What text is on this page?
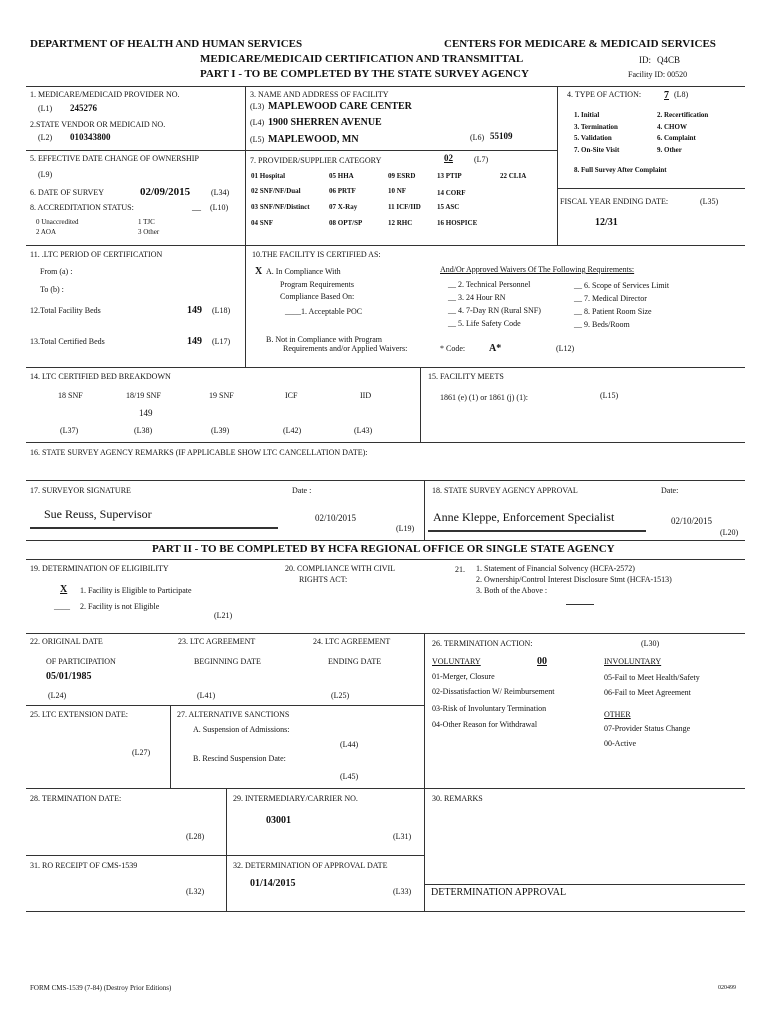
DEPARTMENT OF HEALTH AND HUMAN SERVICES	CENTERS FOR MEDICARE & MEDICAID SERVICES
MEDICARE/MEDICAID CERTIFICATION AND TRANSMITTAL
PART I - TO BE COMPLETED BY THE STATE SURVEY AGENCY
ID: Q4CB
Facility ID: 00520
1. MEDICARE/MEDICAID PROVIDER NO.
(L1) 245276
2.STATE VENDOR OR MEDICAID NO.
(L2) 010343800
3. NAME AND ADDRESS OF FACILITY
(L3) MAPLEWOOD CARE CENTER
(L4) 1900 SHERREN AVENUE
(L5) MAPLEWOOD, MN	(L6) 55109
4. TYPE OF ACTION: 7 (L8)
1. Initial	2. Recertification
3. Termination	4. CHOW
5. Validation	6. Complaint
7. On-Site Visit	9. Other
8. Full Survey After Complaint
5. EFFECTIVE DATE CHANGE OF OWNERSHIP
(L9)
7. PROVIDER/SUPPLIER CATEGORY	02	(L7)
01 Hospital	05 HHA	09 ESRD	13 PTIP	22 CLIA
02 SNF/NF/Dual	06 PRTF	10 NF	14 CORF
03 SNF/NF/Distinct	07 X-Ray	11 ICF/IID 15 ASC
04 SNF	08 OPT/SP	12 RHC	16 HOSPICE
6. DATE OF SURVEY	02/09/2015	(L34)
8. ACCREDITATION STATUS:	__ (L10)
0 Unaccredited	1 TJC
2 AOA	3 Other
FISCAL YEAR ENDING DATE:	(L35)
12/31
11. .LTC PERIOD OF CERTIFICATION
From (a) :
To (b) :
12.Total Facility Beds	149 (L18)
13.Total Certified Beds	149 (L17)
10.THE FACILITY IS CERTIFIED AS:
X A. In Compliance With
Program Requirements
Compliance Based On:
____1. Acceptable POC
B. Not in Compliance with Program
Requirements and/or Applied Waivers:	* Code: A*	(L12)
And/Or Approved Waivers Of The Following Requirements:
__ 2. Technical Personnel
__ 3. 24 Hour RN
__ 4. 7-Day RN (Rural SNF)
__ 5. Life Safety Code
__ 6. Scope of Services Limit
__ 7. Medical Director
__ 8. Patient Room Size
__ 9. Beds/Room
14. LTC CERTIFIED BED BREAKDOWN
18 SNF	18/19 SNF	19 SNF	ICF	IID
149
(L37)	(L38)	(L39)	(L42)	(L43)
15. FACILITY MEETS
1861 (e) (1) or 1861 (j) (1):	(L15)
16. STATE SURVEY AGENCY REMARKS (IF APPLICABLE SHOW LTC CANCELLATION DATE):
17. SURVEYOR SIGNATURE	Date :
Sue Reuss, Supervisor	02/10/2015
(L19)
18. STATE SURVEY AGENCY APPROVAL	Date:
Anne Kleppe, Enforcement Specialist	02/10/2015
(L20)
PART II - TO BE COMPLETED BY HCFA REGIONAL OFFICE OR SINGLE STATE AGENCY
19. DETERMINATION OF ELIGIBILITY
X 1. Facility is Eligible to Participate
____ 2. Facility is not Eligible
(L21)
20. COMPLIANCE WITH CIVIL
RIGHTS ACT:
21. 1. Statement of Financial Solvency (HCFA-2572)
2. Ownership/Control Interest Disclosure Stmt (HCFA-1513)
3. Both of the Above :
22. ORIGINAL DATE
OF PARTICIPATION
05/01/1985
(L24)
23. LTC AGREEMENT
BEGINNING DATE
(L41)
24. LTC AGREEMENT
ENDING DATE
(L25)
26. TERMINATION ACTION:	(L30)
VOLUNTARY	00	INVOLUNTARY
01-Merger, Closure
02-Dissatisfaction W/ Reimbursement
03-Risk of Involuntary Termination
04-Other Reason for Withdrawal
05-Fail to Meet Health/Safety
06-Fail to Meet Agreement
OTHER
07-Provider Status Change
00-Active
25. LTC EXTENSION DATE:
(L27)
27. ALTERNATIVE SANCTIONS
A. Suspension of Admissions:
(L44)
B. Rescind Suspension Date:
(L45)
28. TERMINATION DATE:
(L28)
29. INTERMEDIARY/CARRIER NO.
03001
(L31)
30. REMARKS
31. RO RECEIPT OF CMS-1539
(L32)
32. DETERMINATION OF APPROVAL DATE
01/14/2015
(L33) DETERMINATION APPROVAL
FORM CMS-1539 (7-84) (Destroy Prior Editions)	020499
